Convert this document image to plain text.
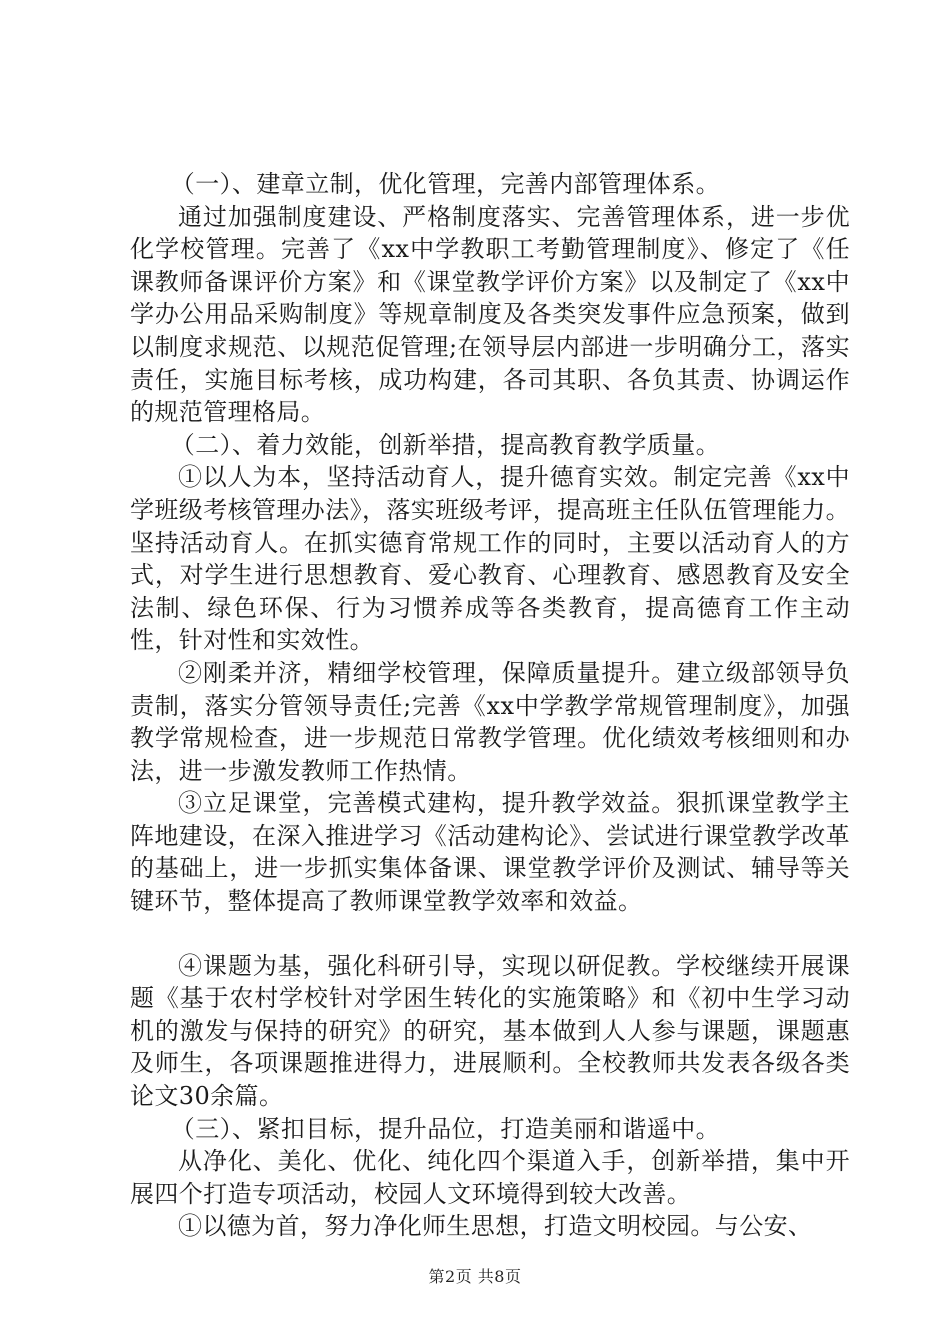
（一）、建章立制，优化管理，完善内部管理体系。

通过加强制度建设、严格制度落实、完善管理体系，进一步优化学校管理。完善了《xx中学教职工考勤管理制度》、修定了《任课教师备课评价方案》和《课堂教学评价方案》以及制定了《xx中学办公用品采购制度》等规章制度及各类突发事件应急预案，做到以制度求规范、以规范促管理;在领导层内部进一步明确分工，落实责任，实施目标考核，成功构建，各司其职、各负其责、协调运作的规范管理格局。

（二）、着力效能，创新举措，提高教育教学质量。

①以人为本，坚持活动育人，提升德育实效。制定完善《xx中学班级考核管理办法》，落实班级考评，提高班主任队伍管理能力。坚持活动育人。在抓实德育常规工作的同时，主要以活动育人的方式，对学生进行思想教育、爱心教育、心理教育、感恩教育及安全法制、绿色环保、行为习惯养成等各类教育，提高德育工作主动性，针对性和实效性。

②刚柔并济，精细学校管理，保障质量提升。建立级部领导负责制，落实分管领导责任;完善《xx中学教学常规管理制度》，加强教学常规检查，进一步规范日常教学管理。优化绩效考核细则和办法，进一步激发教师工作热情。

③立足课堂，完善模式建构，提升教学效益。狠抓课堂教学主阵地建设，在深入推进学习《活动建构论》、尝试进行课堂教学改革的基础上，进一步抓实集体备课、课堂教学评价及测试、辅导等关键环节，整体提高了教师课堂教学效率和效益。

④课题为基，强化科研引导，实现以研促教。学校继续开展课题《基于农村学校针对学困生转化的实施策略》和《初中生学习动机的激发与保持的研究》的研究，基本做到人人参与课题，课题惠及师生，各项课题推进得力，进展顺利。全校教师共发表各级各类论文30余篇。

（三）、紧扣目标，提升品位，打造美丽和谐遥中。

从净化、美化、优化、纯化四个渠道入手，创新举措，集中开展四个打造专项活动，校园人文环境得到较大改善。

①以德为首，努力净化师生思想，打造文明校园。与公安、

第2页 共8页
